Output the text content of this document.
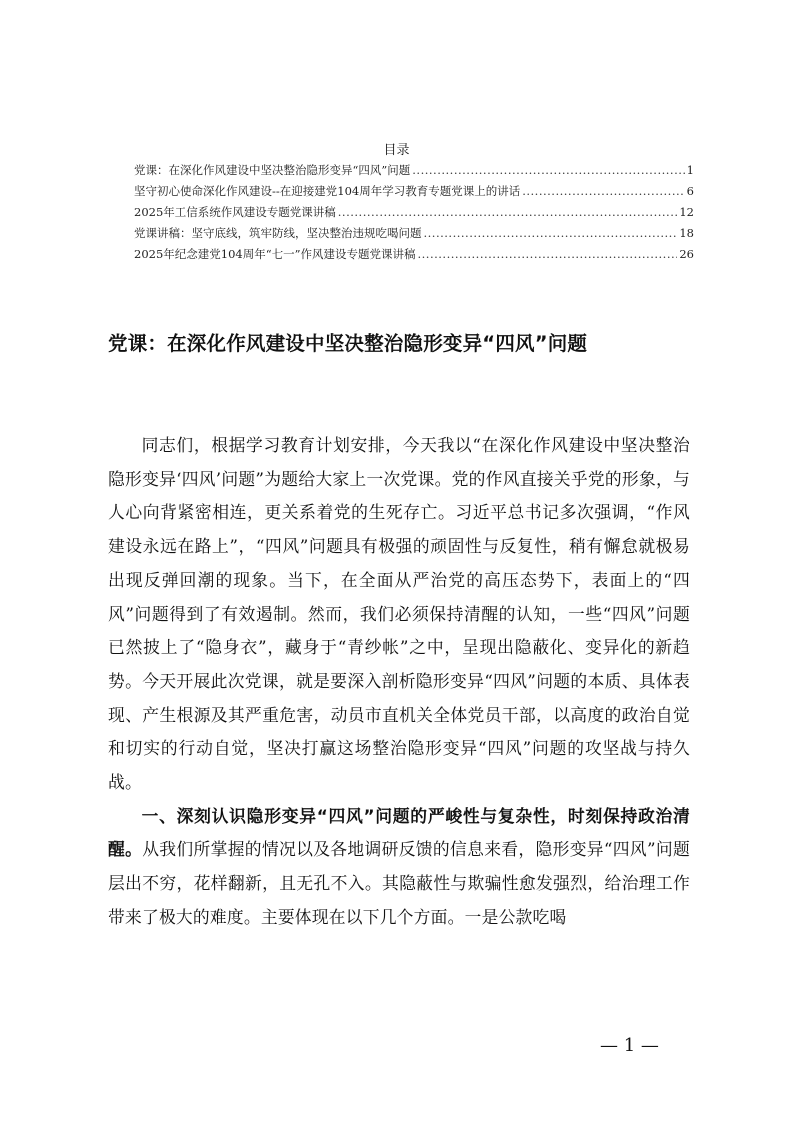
目录
党课：在深化作风建设中坚决整治隐形变异“四风”问题 .....	1
坚守初心使命深化作风建设--在迎接建党104周年学习教育专题党课上的讲话 .....	6
2025年工信系统作风建设专题党课讲稿 .....	12
党课讲稿：坚守底线，筑牢防线，坚决整治违规吃喝问题 .....	18
2025年纪念建党104周年“七一”作风建设专题党课讲稿 .....	26
党课：在深化作风建设中坚决整治隐形变异“四风”问题

同志们，根据学习教育计划安排，今天我以“在深化作风建设中坚决整治隐形变异‘四风’问题”为题给大家上一次党课。党的作风直接关乎党的形象，与人心向背紧密相连，更关系着党的生死存亡。习近平总书记多次强调，“作风建设永远在路上”，“四风”问题具有极强的顽固性与反复性，稍有懈怠就极易出现反弹回潮的现象。当下，在全面从严治党的高压态势下，表面上的“四风”问题得到了有效遏制。然而，我们必须保持清醒的认知，一些“四风”问题已然披上了“隐身衣”，藏身于“青纱帐”之中，呈现出隐蔽化、变异化的新趋势。今天开展此次党课，就是要深入剖析隐形变异“四风”问题的本质、具体表现、产生根源及其严重危害，动员市直机关全体党员干部，以高度的政治自觉和切实的行动自觉，坚决打赢这场整治隐形变异“四风”问题的攻坚战与持久战。

一、深刻认识隐形变异“四风”问题的严峻性与复杂性，时刻保持政治清醒。从我们所掌握的情况以及各地调研反馈的信息来看，隐形变异“四风”问题层出不穷，花样翻新，且无孔不入。其隐蔽性与欺骗性愈发强烈，给治理工作带来了极大的难度。主要体现在以下几个方面。一是公款吃喝

— 1 —
